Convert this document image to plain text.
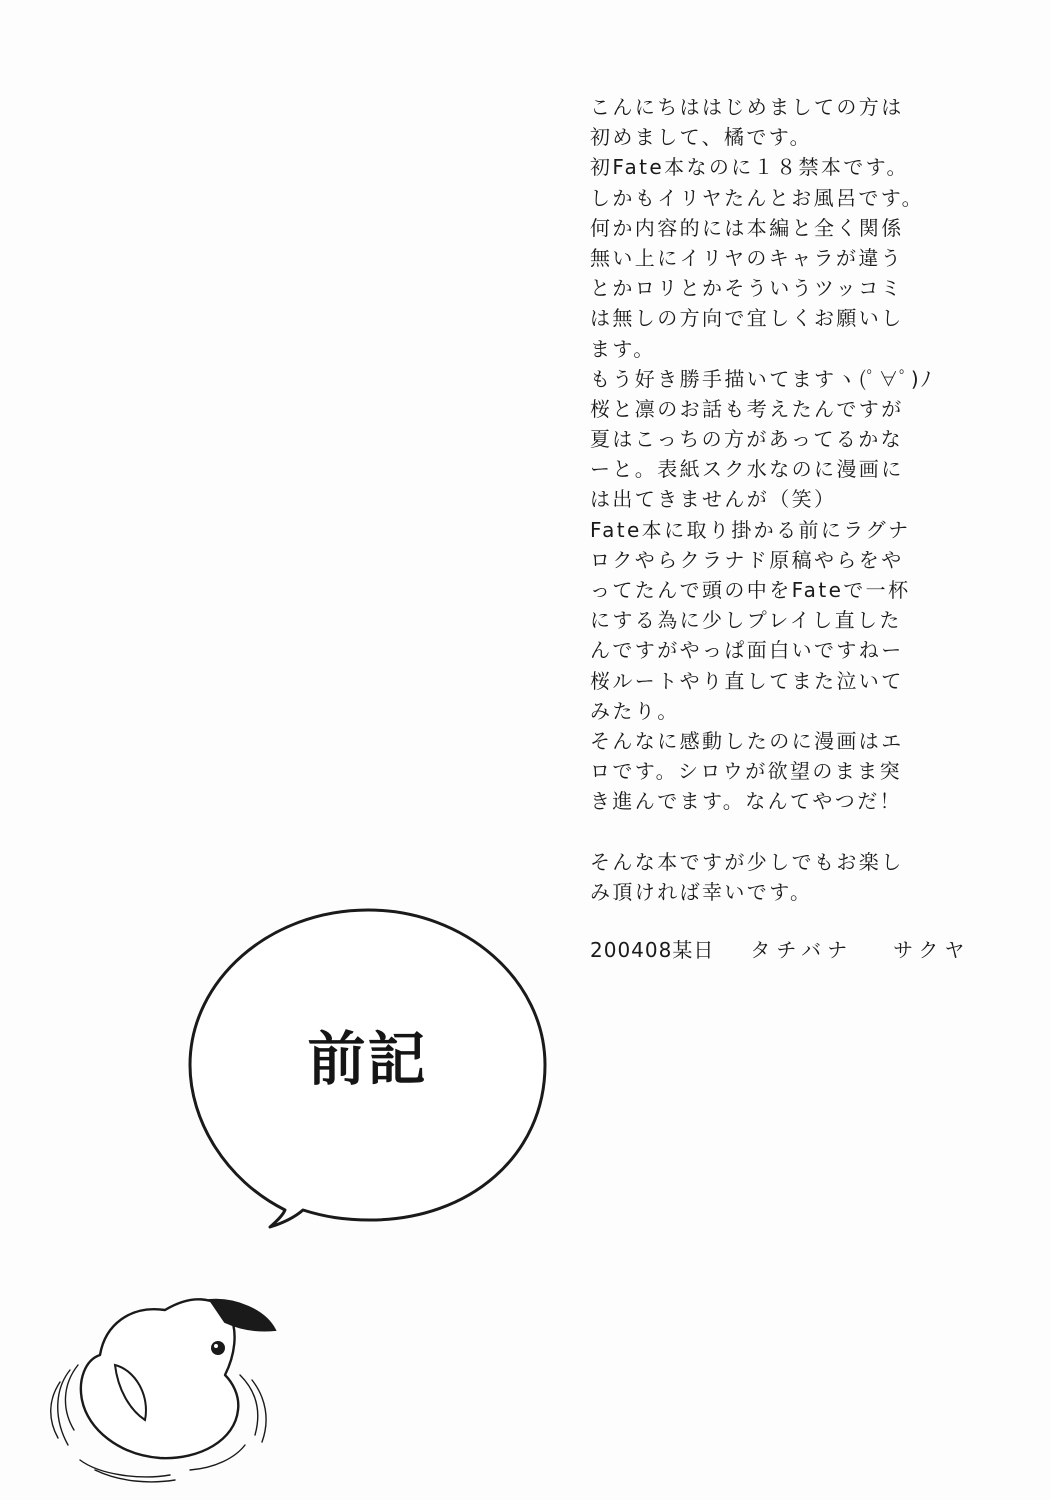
こんにちははじめましての方は
初めまして、橘です。
初Fate本なのに１８禁本です。
しかもイリヤたんとお風呂です。
何か内容的には本編と全く関係
無い上にイリヤのキャラが違う
とかロリとかそういうツッコミ
は無しの方向で宜しくお願いし
ます。
もう好き勝手描いてますヽ(ﾟ∀ﾟ)ﾉ
桜と凛のお話も考えたんですが
夏はこっちの方があってるかな
ーと。表紙スク水なのに漫画に
は出てきませんが（笑）
Fate本に取り掛かる前にラグナ
ロクやらクラナド原稿やらをや
ってたんで頭の中をFateで一杯
にする為に少しプレイし直した
んですがやっぱ面白いですねー
桜ルートやり直してまた泣いて
みたり。
そんなに感動したのに漫画はエ
ロです。シロウが欲望のまま突
き進んでます。なんてやつだ！
そんな本ですが少しでもお楽し
み頂ければ幸いです。
200408某日 タチバナ サクヤ
前記
